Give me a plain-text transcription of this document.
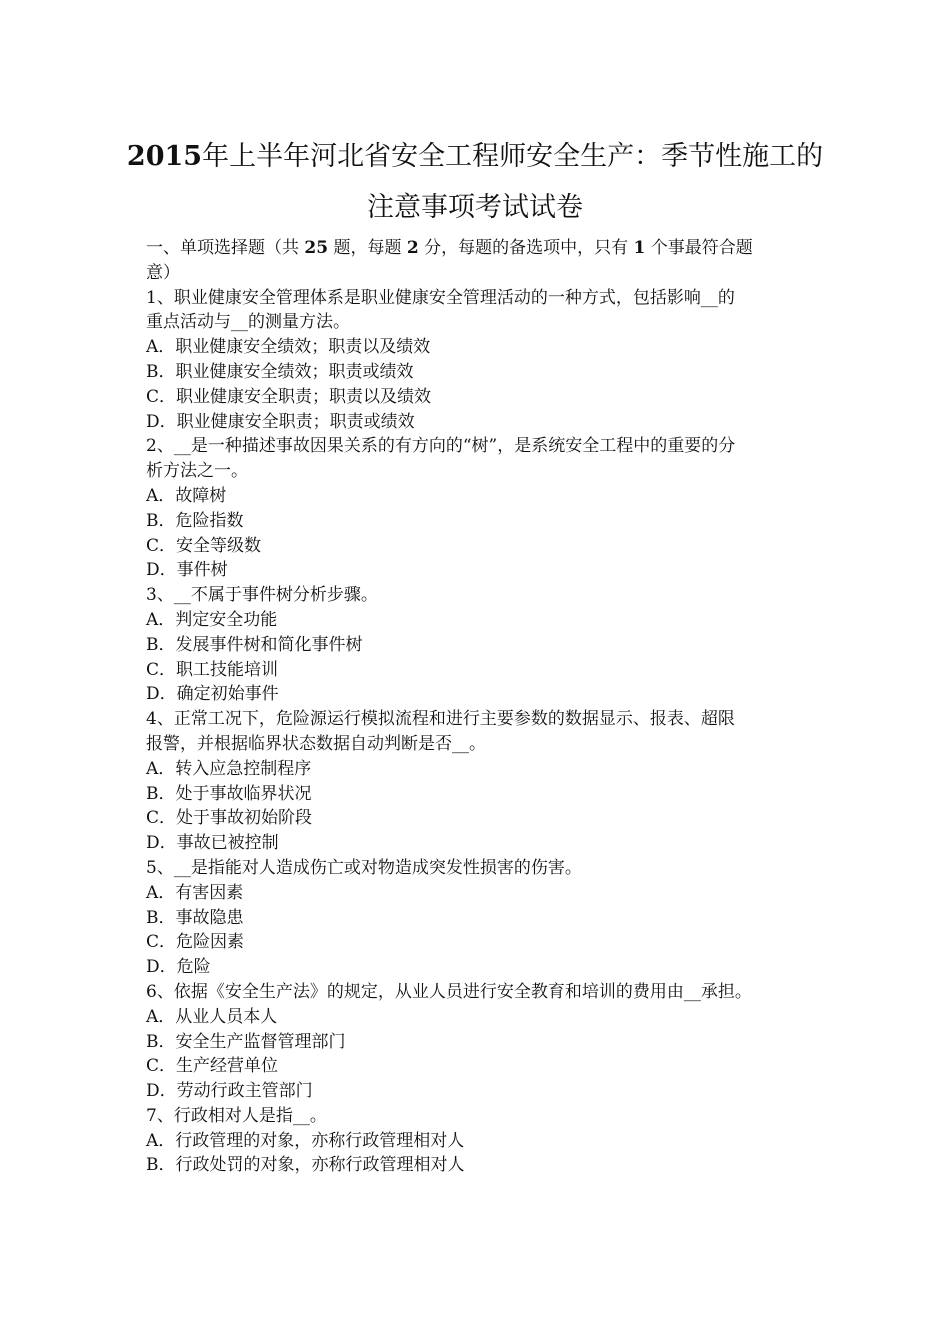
2015年上半年河北省安全工程师安全生产：季节性施工的
注意事项考试试卷
一、单项选择题（共 25 题，每题 2 分，每题的备选项中，只有 1 个事最符合题
意）
1、职业健康安全管理体系是职业健康安全管理活动的一种方式，包括影响__的
重点活动与__的测量方法。
A．职业健康安全绩效；职责以及绩效
B．职业健康安全绩效；职责或绩效
C．职业健康安全职责；职责以及绩效
D．职业健康安全职责；职责或绩效
2、__是一种描述事故因果关系的有方向的“树”，是系统安全工程中的重要的分
析方法之一。
A．故障树
B．危险指数
C．安全等级数
D．事件树
3、__不属于事件树分析步骤。
A．判定安全功能
B．发展事件树和简化事件树
C．职工技能培训
D．确定初始事件
4、正常工况下，危险源运行模拟流程和进行主要参数的数据显示、报表、超限
报警，并根据临界状态数据自动判断是否__。
A．转入应急控制程序
B．处于事故临界状况
C．处于事故初始阶段
D．事故已被控制
5、__是指能对人造成伤亡或对物造成突发性损害的伤害。
A．有害因素
B．事故隐患
C．危险因素
D．危险
6、依据《安全生产法》的规定，从业人员进行安全教育和培训的费用由__承担。
A．从业人员本人
B．安全生产监督管理部门
C．生产经营单位
D．劳动行政主管部门
7、行政相对人是指__。
A．行政管理的对象，亦称行政管理相对人
B．行政处罚的对象，亦称行政管理相对人
